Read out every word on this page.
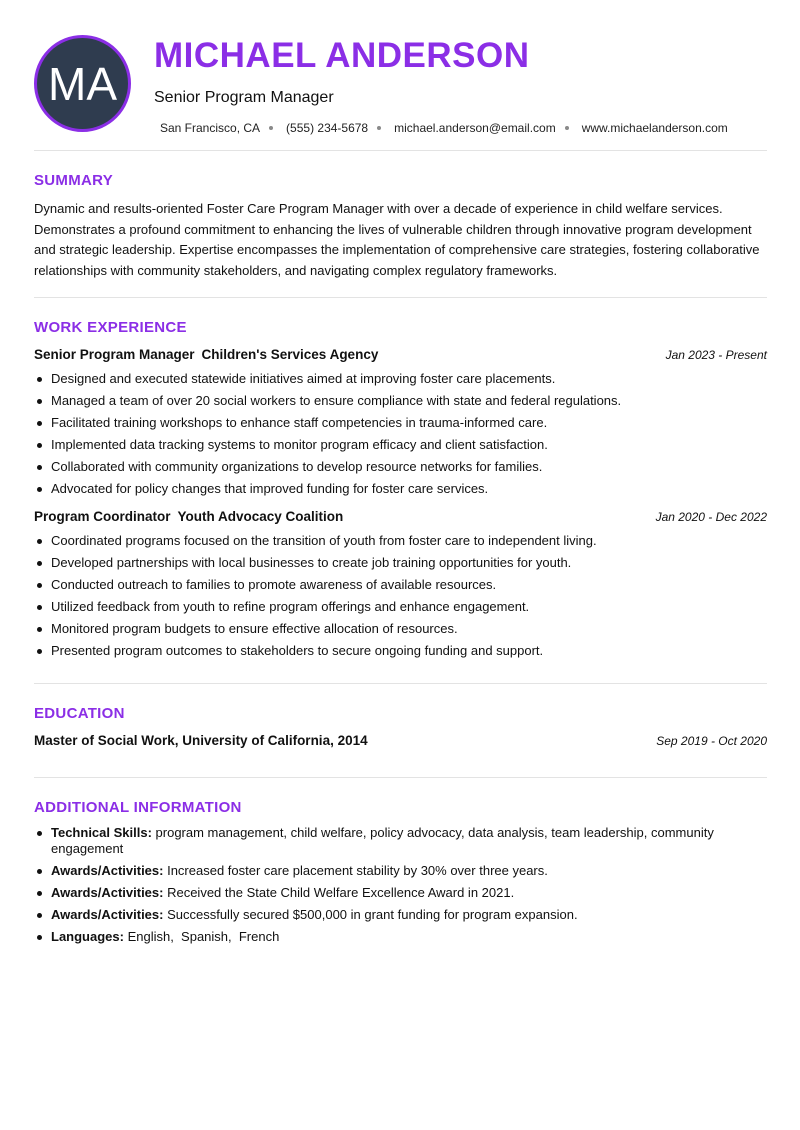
MA
MICHAEL ANDERSON
Senior Program Manager
San Francisco, CA (555) 234-5678 michael.anderson@email.com www.michaelanderson.com
SUMMARY

Dynamic and results-oriented Foster Care Program Manager with over a decade of experience in child welfare services. Demonstrates a profound commitment to enhancing the lives of vulnerable children through innovative program development and strategic leadership. Expertise encompasses the implementation of comprehensive care strategies, fostering collaborative relationships with community stakeholders, and navigating complex regulatory frameworks.

WORK EXPERIENCE
Senior Program Manager Children's Services Agency	Jan 2023 - Present
Designed and executed statewide initiatives aimed at improving foster care placements.
Managed a team of over 20 social workers to ensure compliance with state and federal regulations.
Facilitated training workshops to enhance staff competencies in trauma-informed care.
Implemented data tracking systems to monitor program efficacy and client satisfaction.
Collaborated with community organizations to develop resource networks for families.
Advocated for policy changes that improved funding for foster care services.
Program Coordinator Youth Advocacy Coalition	Jan 2020 - Dec 2022
Coordinated programs focused on the transition of youth from foster care to independent living.
Developed partnerships with local businesses to create job training opportunities for youth.
Conducted outreach to families to promote awareness of available resources.
Utilized feedback from youth to refine program offerings and enhance engagement.
Monitored program budgets to ensure effective allocation of resources.
Presented program outcomes to stakeholders to secure ongoing funding and support.
EDUCATION
Master of Social Work, University of California, 2014	Sep 2019 - Oct 2020
ADDITIONAL INFORMATION
Technical Skills: program management, child welfare, policy advocacy, data analysis, team leadership, community engagement
Awards/Activities: Increased foster care placement stability by 30% over three years.
Awards/Activities: Received the State Child Welfare Excellence Award in 2021.
Awards/Activities: Successfully secured $500,000 in grant funding for program expansion.
Languages: English,  Spanish,  French
